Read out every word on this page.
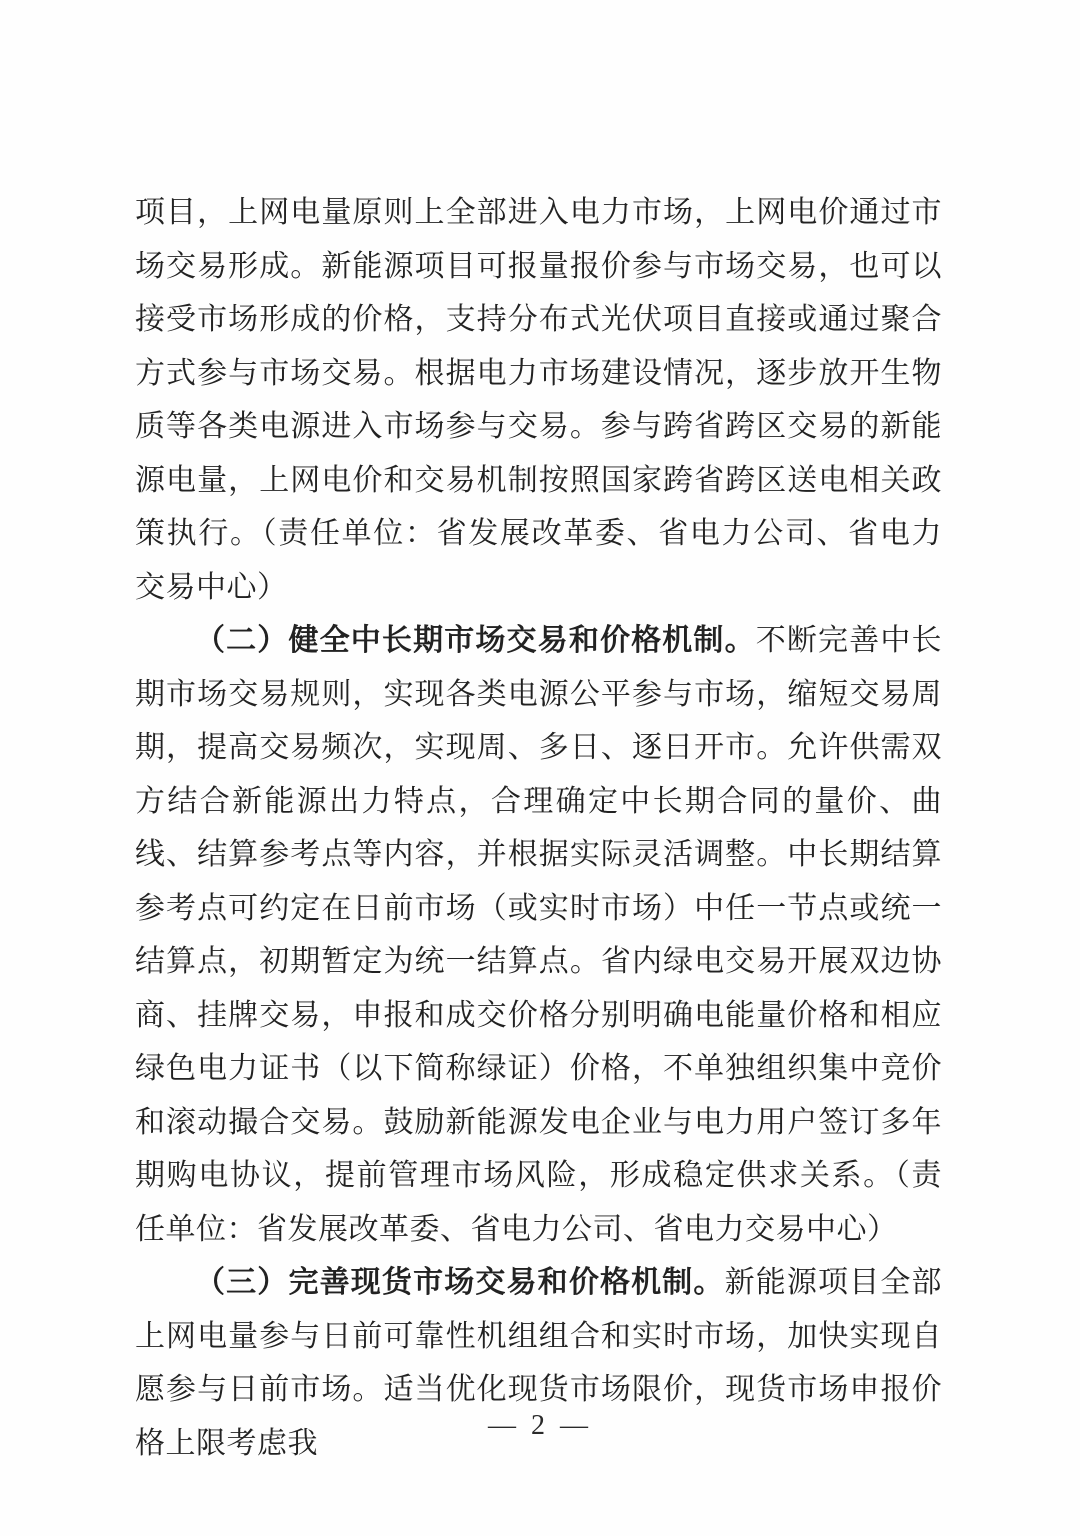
项目，上网电量原则上全部进入电力市场，上网电价通过市场交易形成。新能源项目可报量报价参与市场交易，也可以接受市场形成的价格，支持分布式光伏项目直接或通过聚合方式参与市场交易。根据电力市场建设情况，逐步放开生物质等各类电源进入市场参与交易。参与跨省跨区交易的新能源电量，上网电价和交易机制按照国家跨省跨区送电相关政策执行。（责任单位：省发展改革委、省电力公司、省电力交易中心）

（二）健全中长期市场交易和价格机制。不断完善中长期市场交易规则，实现各类电源公平参与市场，缩短交易周期，提高交易频次，实现周、多日、逐日开市。允许供需双方结合新能源出力特点，合理确定中长期合同的量价、曲线、结算参考点等内容，并根据实际灵活调整。中长期结算参考点可约定在日前市场（或实时市场）中任一节点或统一结算点，初期暂定为统一结算点。省内绿电交易开展双边协商、挂牌交易，申报和成交价格分别明确电能量价格和相应绿色电力证书（以下简称绿证）价格，不单独组织集中竞价和滚动撮合交易。鼓励新能源发电企业与电力用户签订多年期购电协议，提前管理市场风险，形成稳定供求关系。（责任单位：省发展改革委、省电力公司、省电力交易中心）

（三）完善现货市场交易和价格机制。新能源项目全部上网电量参与日前可靠性机组组合和实时市场，加快实现自愿参与日前市场。适当优化现货市场限价，现货市场申报价格上限考虑我

— 2 —
